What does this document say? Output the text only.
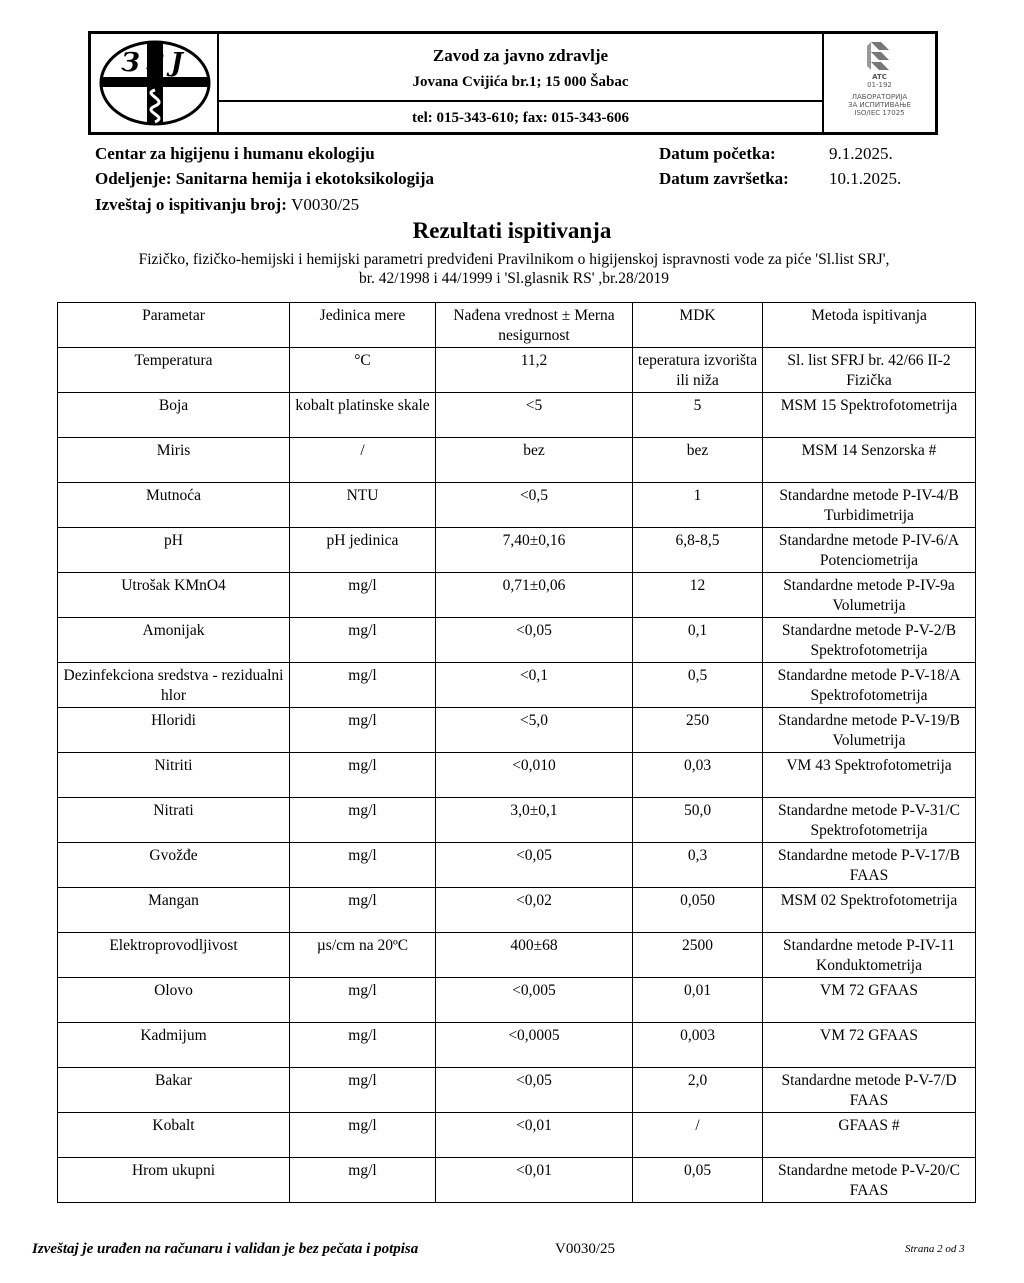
ЗЗЈ	Zavod za javno zdravlje
Jovana Cvijića br.1; 15 000 Šabac
tel: 015-343-610; fax: 015-343-606
ATC
01-192
ЛАБОРАТОРИЈА
ЗА ИСПИТИВАЊЕ
ISO/IEC 17025
Centar za higijenu i humanu ekologiju
Odeljenje: Sanitarna hemija i ekotoksikologija
Izveštaj o ispitivanju broj: V0030/25
Datum početka:	9.1.2025.
Datum završetka: 10.1.2025.
Rezultati ispitivanja
Fizičko, fizičko-hemijski i hemijski parametri predviđeni Pravilnikom o higijenskoj ispravnosti vode za piće 'Sl.list SRJ',
br. 42/1998 i 44/1999 i 'Sl.glasnik RS' ,br.28/2019
Parametar	Jedinica mere	Nađena vrednost ± Merna nesigurnost	MDK	Metoda ispitivanja
Temperatura	°C	11,2	teperatura izvorišta ili niža	Sl. list SFRJ br. 42/66 II-2 Fizička
Boja	kobalt platinske skale	<5	5	MSM 15 Spektrofotometrija
Miris	/	bez	bez	MSM 14 Senzorska #
Mutnoća	NTU	<0,5	1	Standardne metode P-IV-4/B Turbidimetrija
pH	pH jedinica	7,40±0,16	6,8-8,5	Standardne metode P-IV-6/A Potenciometrija
Utrošak KMnO4	mg/l	0,71±0,06	12	Standardne metode P-IV-9a Volumetrija
Amonijak	mg/l	<0,05	0,1	Standardne metode P-V-2/B Spektrofotometrija
Dezinfekciona sredstva - rezidualni hlor	mg/l	<0,1	0,5	Standardne metode P-V-18/A Spektrofotometrija
Hloridi	mg/l	<5,0	250	Standardne metode P-V-19/B Volumetrija
Nitriti	mg/l	<0,010	0,03	VM 43 Spektrofotometrija
Nitrati	mg/l	3,0±0,1	50,0	Standardne metode P-V-31/C Spektrofotometrija
Gvožđe	mg/l	<0,05	0,3	Standardne metode P-V-17/B FAAS
Mangan	mg/l	<0,02	0,050	MSM 02 Spektrofotometrija
Elektroprovodljivost	µs/cm na 20ºC	400±68	2500	Standardne metode P-IV-11 Konduktometrija
Olovo	mg/l	<0,005	0,01	VM 72 GFAAS
Kadmijum	mg/l	<0,0005	0,003	VM 72 GFAAS
Bakar	mg/l	<0,05	2,0	Standardne metode P-V-7/D FAAS
Kobalt	mg/l	<0,01	/	GFAAS #
Hrom ukupni	mg/l	<0,01	0,05	Standardne metode P-V-20/C FAAS
Izveštaj je urađen na računaru i validan je bez pečata i potpisa	V0030/25	Strana 2 od 3
